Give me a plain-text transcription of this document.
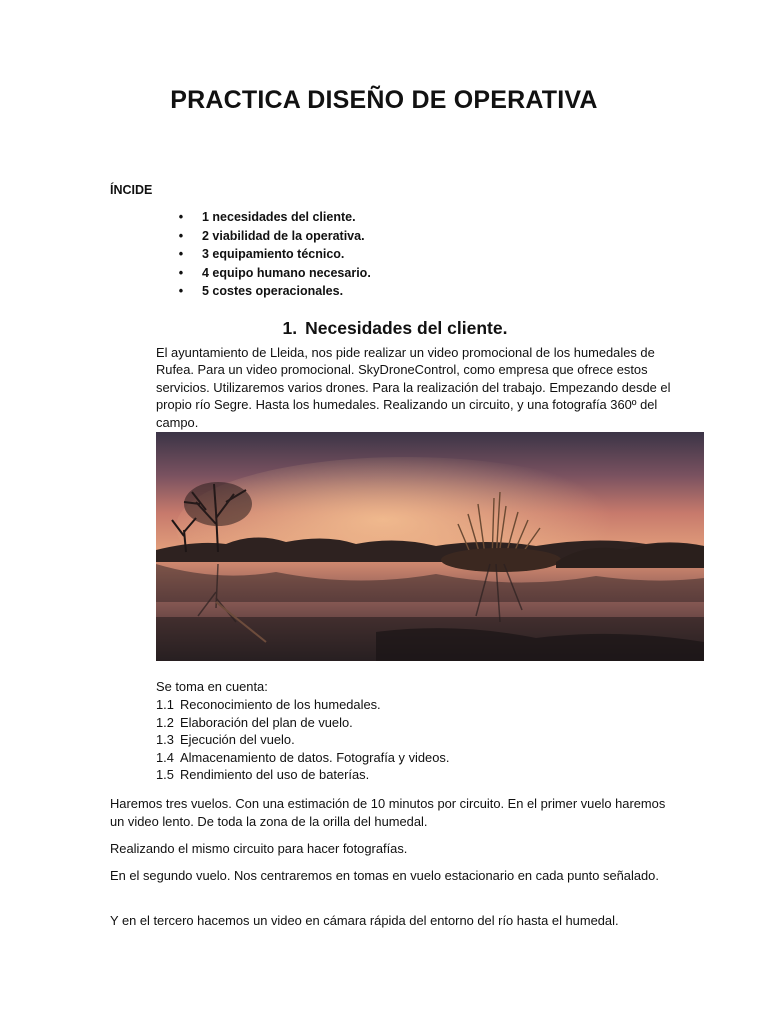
PRACTICA DISEÑO DE OPERATIVA
ÍNCIDE
• 1 necesidades del cliente.
• 2 viabilidad de la operativa.
• 3 equipamiento técnico.
• 4 equipo humano necesario.
• 5 costes operacionales.
1. Necesidades del cliente.

El ayuntamiento de Lleida, nos pide realizar un video promocional de los humedales de Rufea. Para un video promocional. SkyDroneControl, como empresa que ofrece estos servicios. Utilizaremos varios drones. Para la realización del trabajo. Empezando desde el propio río Segre. Hasta los humedales. Realizando un circuito, y una fotografía 360º del campo.

Se toma en cuenta:
1.1 Reconocimiento de los humedales.
1.2 Elaboración del plan de vuelo.
1.3 Ejecución del vuelo.
1.4 Almacenamiento de datos. Fotografía y videos.
1.5 Rendimiento del uso de baterías.

Haremos tres vuelos. Con una estimación de 10 minutos por circuito. En el primer vuelo haremos un video lento. De toda la zona de la orilla del humedal.

Realizando el mismo circuito para hacer fotografías.

En el segundo vuelo. Nos centraremos en tomas en vuelo estacionario en cada punto señalado.

Y en el tercero hacemos un video en cámara rápida del entorno del río hasta el humedal.
